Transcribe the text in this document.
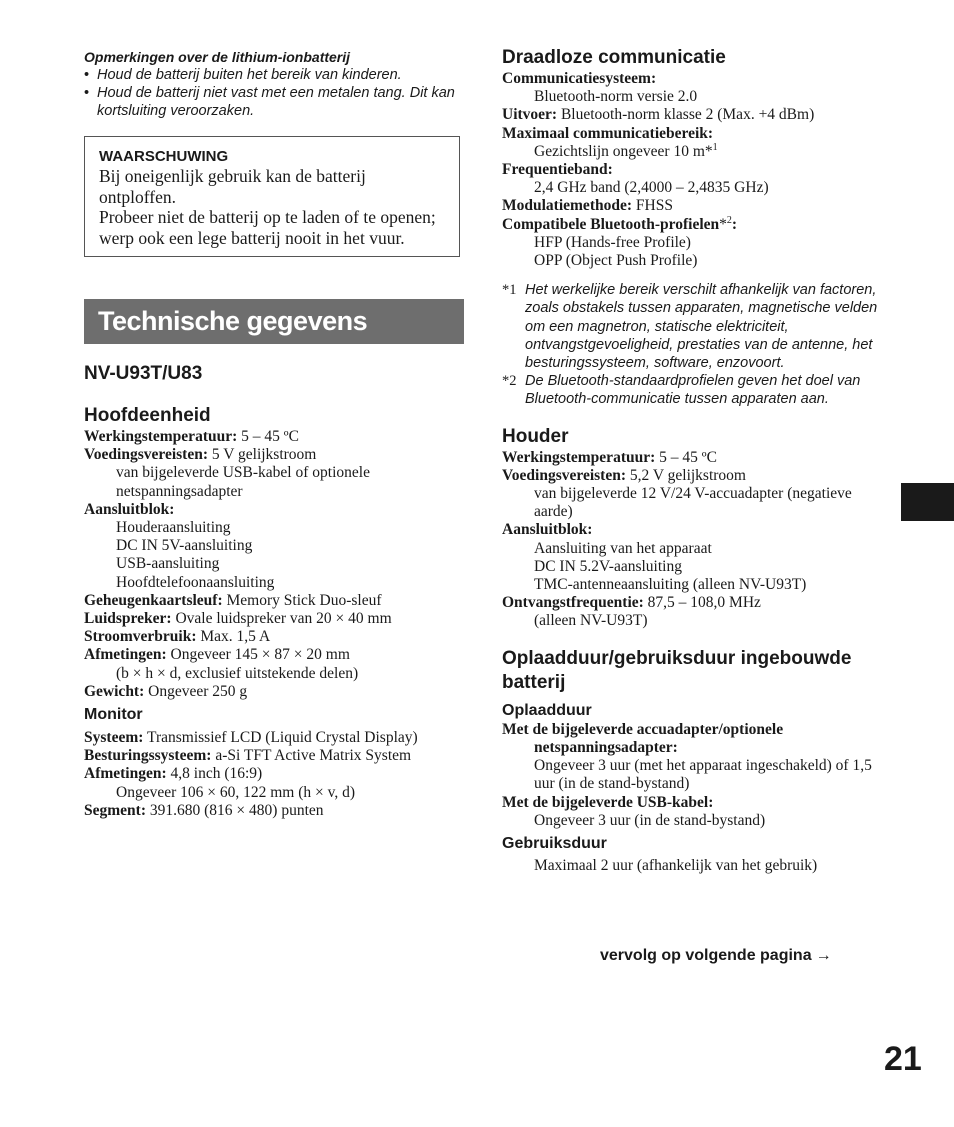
Opmerkingen over de lithium-ionbatterij
• Houd de batterij buiten het bereik van kinderen.
• Houd de batterij niet vast met een metalen tang. Dit kan kortsluiting veroorzaken.
WAARSCHUWING
Bij oneigenlijk gebruik kan de batterij ontploffen.
Probeer niet de batterij op te laden of te openen; werp ook een lege batterij nooit in het vuur.
Technische gegevens
NV-U93T/U83
Hoofdeenheid
Werkingstemperatuur: 5 – 45 ºC
Voedingsvereisten: 5 V gelijkstroom
van bijgeleverde USB-kabel of optionele netspanningsadapter
Aansluitblok:
Houderaansluiting
DC IN 5V-aansluiting
USB-aansluiting
Hoofdtelefoonaansluiting
Geheugenkaartsleuf: Memory Stick Duo-sleuf
Luidspreker: Ovale luidspreker van 20 × 40 mm
Stroomverbruik: Max. 1,5 A
Afmetingen: Ongeveer 145 × 87 × 20 mm
(b × h × d, exclusief uitstekende delen)
Gewicht: Ongeveer 250 g
Monitor
Systeem: Transmissief LCD (Liquid Crystal Display)
Besturingssysteem: a-Si TFT Active Matrix System
Afmetingen: 4,8 inch (16:9)
Ongeveer 106 × 60, 122 mm (h × v, d)
Segment: 391.680 (816 × 480) punten
Draadloze communicatie
Communicatiesysteem:
Bluetooth-norm versie 2.0
Uitvoer: Bluetooth-norm klasse 2 (Max. +4 dBm)
Maximaal communicatiebereik:
Gezichtslijn ongeveer 10 m*$^1$
Frequentieband:
2,4 GHz band (2,4000 – 2,4835 GHz)
Modulatiemethode: FHSS
Compatibele Bluetooth-profielen*$^2$:
HFP (Hands-free Profile)
OPP (Object Push Profile)
*1 Het werkelijke bereik verschilt afhankelijk van factoren, zoals obstakels tussen apparaten, magnetische velden om een magnetron, statische elektriciteit, ontvangstgevoeligheid, prestaties van de antenne, het besturingssysteem, software, enzovoort.
*2 De Bluetooth-standaardprofielen geven het doel van Bluetooth-communicatie tussen apparaten aan.
Houder
Werkingstemperatuur: 5 – 45 ºC
Voedingsvereisten: 5,2 V gelijkstroom
van bijgeleverde 12 V/24 V-accuadapter (negatieve aarde)
Aansluitblok:
Aansluiting van het apparaat
DC IN 5.2V-aansluiting
TMC-antenneaansluiting (alleen NV-U93T)
Ontvangstfrequentie: 87,5 – 108,0 MHz
(alleen NV-U93T)
Oplaadduur/gebruiksduur ingebouwde batterij
Oplaadduur
Met de bijgeleverde accuadapter/optionele netspanningsadapter:
Ongeveer 3 uur (met het apparaat ingeschakeld) of 1,5 uur (in de stand-bystand)
Met de bijgeleverde USB-kabel:
Ongeveer 3 uur (in de stand-bystand)
Gebruiksduur
Maximaal 2 uur (afhankelijk van het gebruik)
vervolg op volgende pagina →
21
